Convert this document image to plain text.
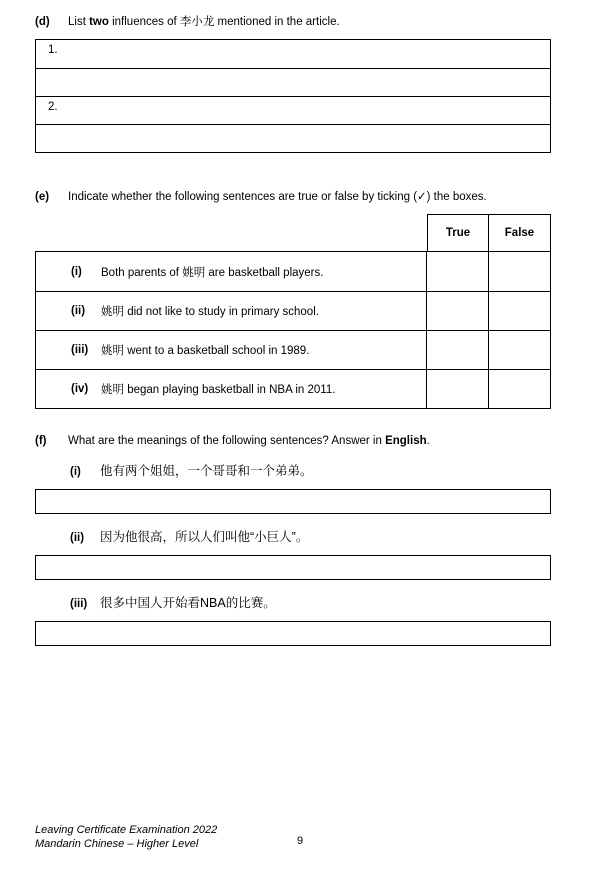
(d)	List two influences of 李小龙 mentioned in the article.
1.
2.
(e)	Indicate whether the following sentences are true or false by ticking (✓) the boxes.
True	False
(i)	Both parents of 姚明 are basketball players.
(ii)	姚明 did not like to study in primary school.
(iii)	姚明 went to a basketball school in 1989.
(iv)	姚明 began playing basketball in NBA in 2011.
(f)	What are the meanings of the following sentences? Answer in English.
(i)	他有两个姐姐，一个哥哥和一个弟弟。
(ii)	因为他很高，所以人们叫他“小巨人”。
(iii)	很多中国人开始看NBA的比赛。
Leaving Certificate Examination 2022
Mandarin Chinese – Higher Level	9
